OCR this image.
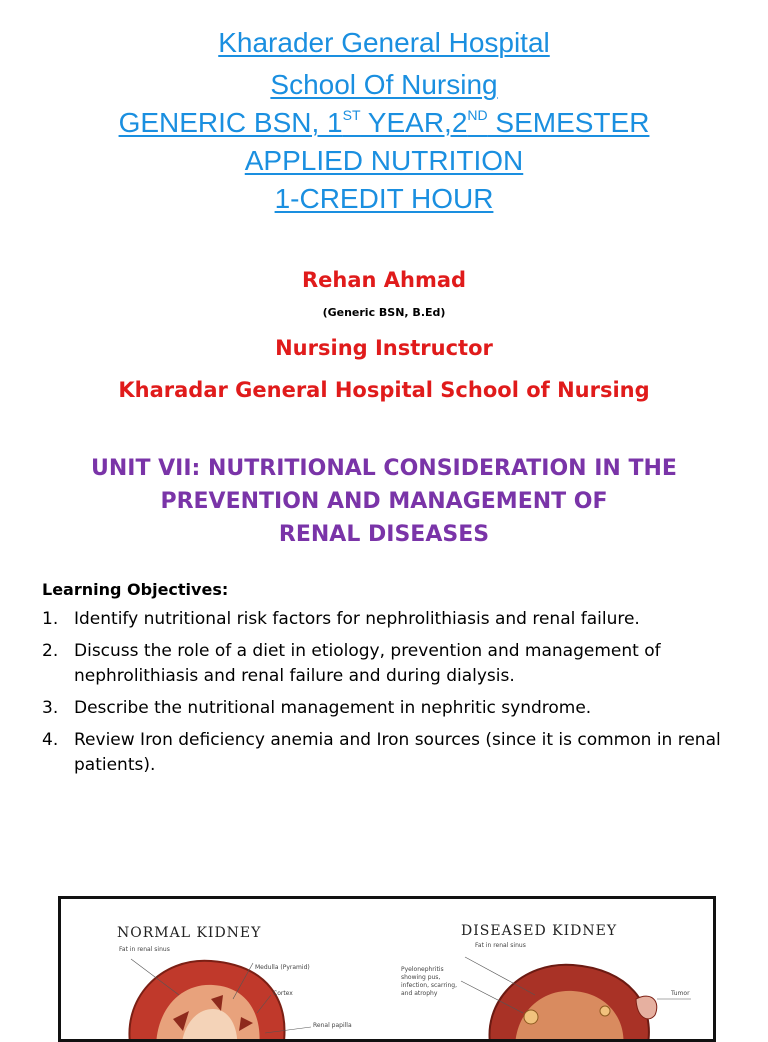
Kharader General Hospital
School Of Nursing
GENERIC BSN, 1ST YEAR,2ND SEMESTER
APPLIED NUTRITION
1-CREDIT HOUR
Rehan Ahmad
(Generic BSN, B.Ed)
Nursing Instructor
Kharadar General Hospital School of Nursing
UNIT VII: NUTRITIONAL CONSIDERATION IN THE
PREVENTION AND MANAGEMENT OF
RENAL DISEASES
Learning Objectives:
1. Identify nutritional risk factors for nephrolithiasis and renal failure.
2. Discuss the role of a diet in etiology, prevention and management of nephrolithiasis and renal failure and during dialysis.
3. Describe the nutritional management in nephritic syndrome.
4. Review Iron deficiency anemia and Iron sources (since it is common in renal patients).
NORMAL KIDNEY
Fat in renal sinus
Medulla (Pyramid)
Cortex
Renal papilla
DISEASED KIDNEY
Fat in renal sinus
Pyelonephritis showing pus, infection, scarring, and atrophy	Tumor
